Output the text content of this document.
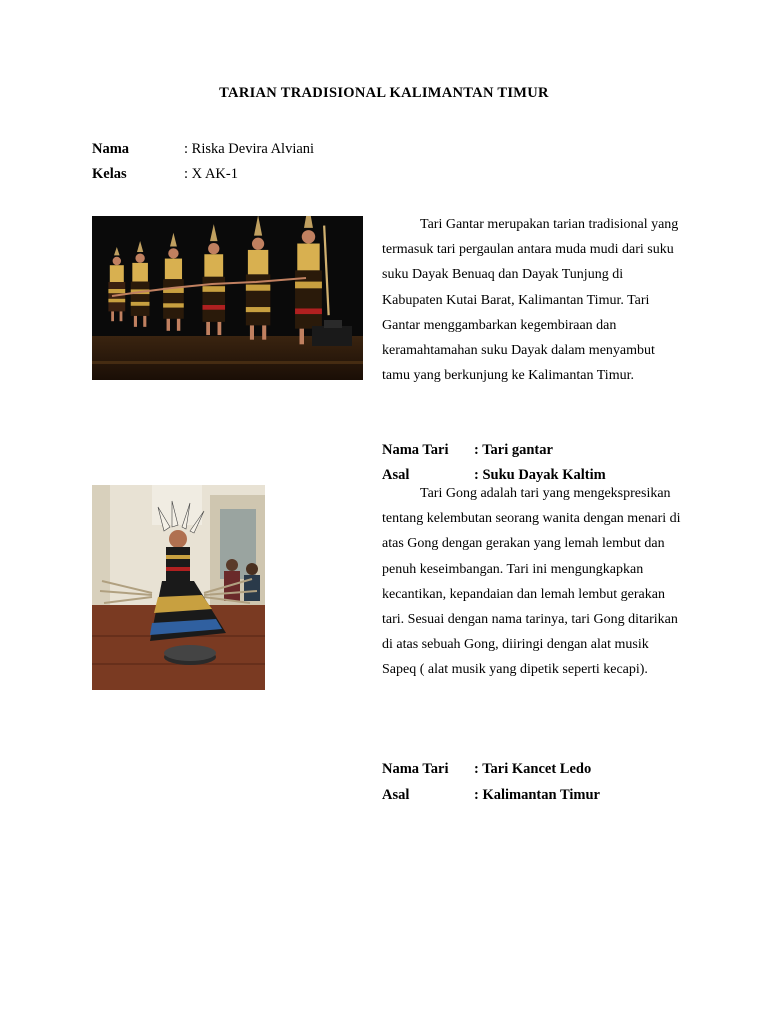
TARIAN TRADISIONAL KALIMANTAN TIMUR
Nama	: Riska Devira Alviani
Kelas	: X AK-1

Tari Gantar merupakan tarian tradisional yang termasuk tari pergaulan antara muda mudi dari suku suku Dayak Benuaq dan Dayak Tunjung di Kabupaten Kutai Barat, Kalimantan Timur. Tari Gantar menggambarkan kegembiraan dan keramahtamahan suku Dayak dalam menyambut tamu yang berkunjung ke Kalimantan Timur.

Nama Tari : Tari gantar
Asal	: Suku Dayak Kaltim

Tari Gong adalah tari yang mengekspresikan tentang kelembutan seorang wanita dengan menari di atas Gong dengan gerakan yang lemah lembut dan penuh keseimbangan. Tari ini mengungkapkan kecantikan, kepandaian dan lemah lembut gerakan tari. Sesuai dengan nama tarinya, tari Gong ditarikan di atas sebuah Gong, diiringi dengan alat musik Sapeq ( alat musik yang dipetik seperti kecapi).

Nama Tari : Tari Kancet Ledo
Asal	: Kalimantan Timur
